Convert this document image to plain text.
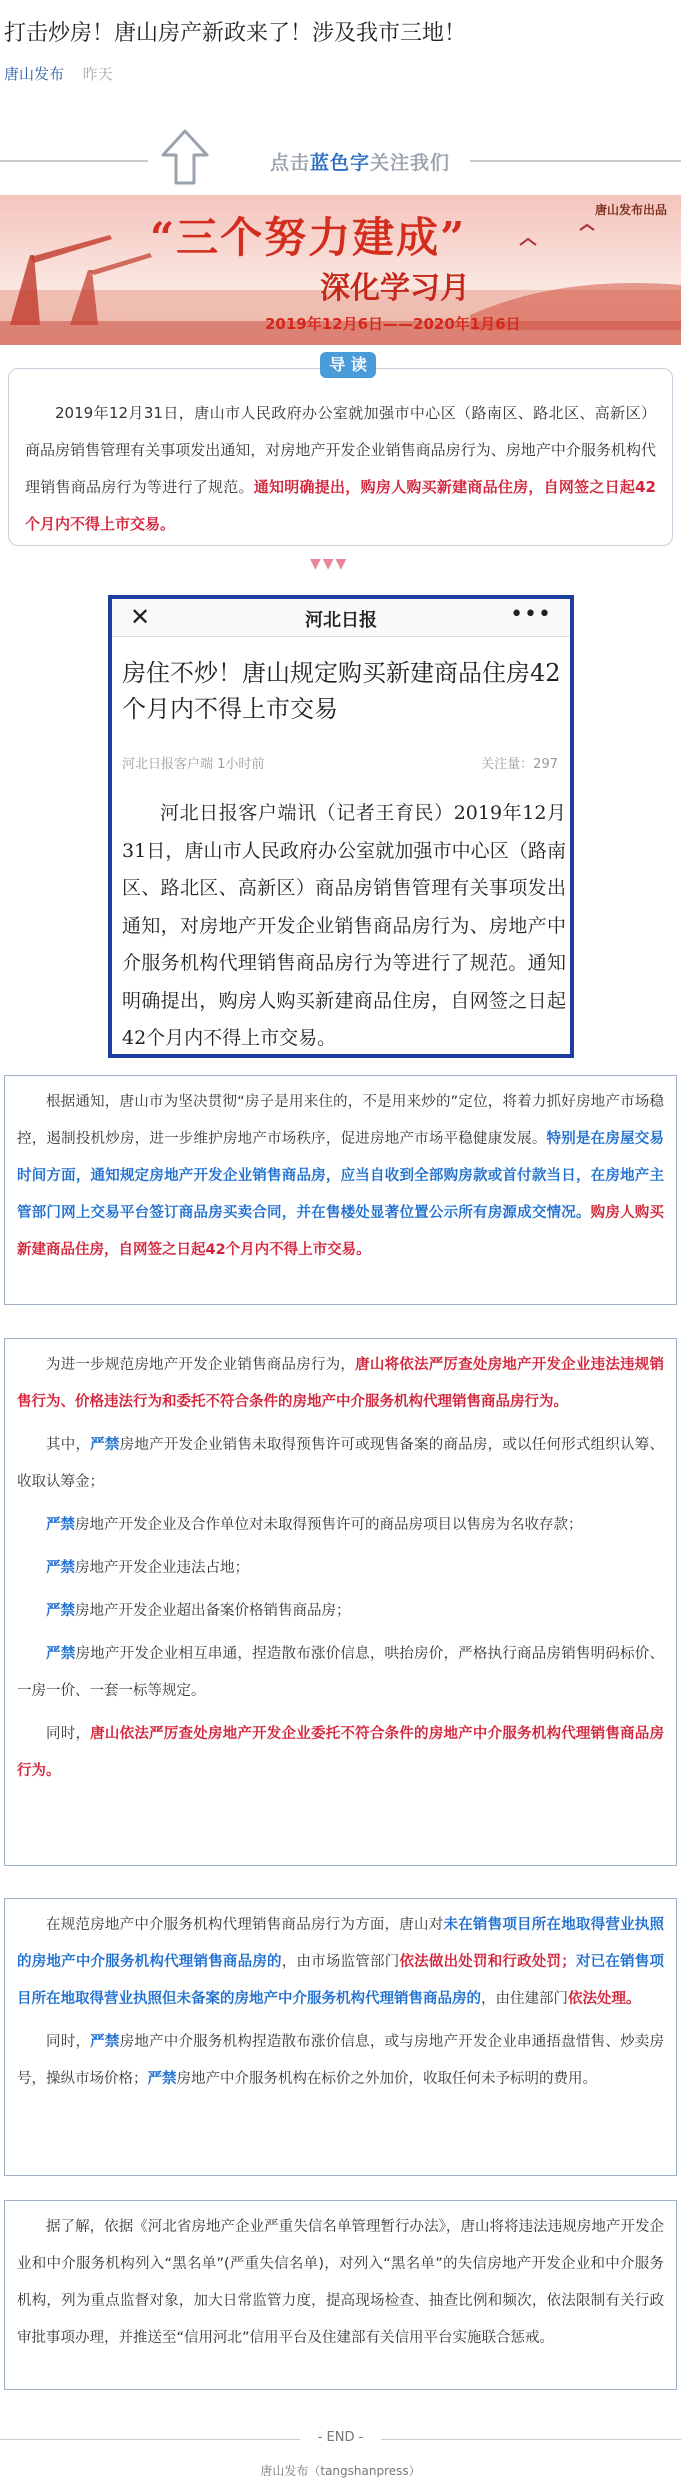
打击炒房！唐山房产新政来了！涉及我市三地！
唐山发布 昨天
点击蓝色字关注我们
唐山发布出品
“三个努力建成”
深化学习月
2019年12月6日——2020年1月6日
2019年12月31日，唐山市人民政府办公室就加强市中心区（路南区、路北区、高新区）商品房销售管理有关事项发出通知，对房地产开发企业销售商品房行为、房地产中介服务机构代理销售商品房行为等进行了规范。通知明确提出，购房人购买新建商品住房，自网签之日起42个月内不得上市交易。
导 读
▼▼▼
✕	河北日报	•••
房住不炒！唐山规定购买新建商品住房42个月内不得上市交易
河北日报客户端 1小时前	关注量：297
河北日报客户端讯（记者王育民）2019年12月31日，唐山市人民政府办公室就加强市中心区（路南区、路北区、高新区）商品房销售管理有关事项发出通知，对房地产开发企业销售商品房行为、房地产中介服务机构代理销售商品房行为等进行了规范。通知明确提出，购房人购买新建商品住房，自网签之日起42个月内不得上市交易。

根据通知，唐山市为坚决贯彻“房子是用来住的，不是用来炒的”定位，将着力抓好房地产市场稳控，遏制投机炒房，进一步维护房地产市场秩序，促进房地产市场平稳健康发展。特别是在房屋交易时间方面，通知规定房地产开发企业销售商品房，应当自收到全部购房款或首付款当日，在房地产主管部门网上交易平台签订商品房买卖合同，并在售楼处显著位置公示所有房源成交情况。购房人购买新建商品住房，自网签之日起42个月内不得上市交易。

为进一步规范房地产开发企业销售商品房行为，唐山将依法严厉查处房地产开发企业违法违规销售行为、价格违法行为和委托不符合条件的房地产中介服务机构代理销售商品房行为。

其中，严禁房地产开发企业销售未取得预售许可或现售备案的商品房，或以任何形式组织认筹、收取认筹金；

严禁房地产开发企业及合作单位对未取得预售许可的商品房项目以售房为名收存款；

严禁房地产开发企业违法占地；

严禁房地产开发企业超出备案价格销售商品房；

严禁房地产开发企业相互串通，捏造散布涨价信息，哄抬房价，严格执行商品房销售明码标价、一房一价、一套一标等规定。

同时，唐山依法严厉查处房地产开发企业委托不符合条件的房地产中介服务机构代理销售商品房行为。

在规范房地产中介服务机构代理销售商品房行为方面，唐山对未在销售项目所在地取得营业执照的房地产中介服务机构代理销售商品房的，由市场监管部门依法做出处罚和行政处罚；对已在销售项目所在地取得营业执照但未备案的房地产中介服务机构代理销售商品房的，由住建部门依法处理。

同时，严禁房地产中介服务机构捏造散布涨价信息，或与房地产开发企业串通捂盘惜售、炒卖房号，操纵市场价格；严禁房地产中介服务机构在标价之外加价，收取任何未予标明的费用。

据了解，依据《河北省房地产企业严重失信名单管理暂行办法》，唐山将将违法违规房地产开发企业和中介服务机构列入“黑名单”(严重失信名单)，对列入“黑名单”的失信房地产开发企业和中介服务机构，列为重点监督对象，加大日常监管力度，提高现场检查、抽查比例和频次，依法限制有关行政审批事项办理，并推送至“信用河北”信用平台及住建部有关信用平台实施联合惩戒。

- END -
唐山发布（tangshanpress）
